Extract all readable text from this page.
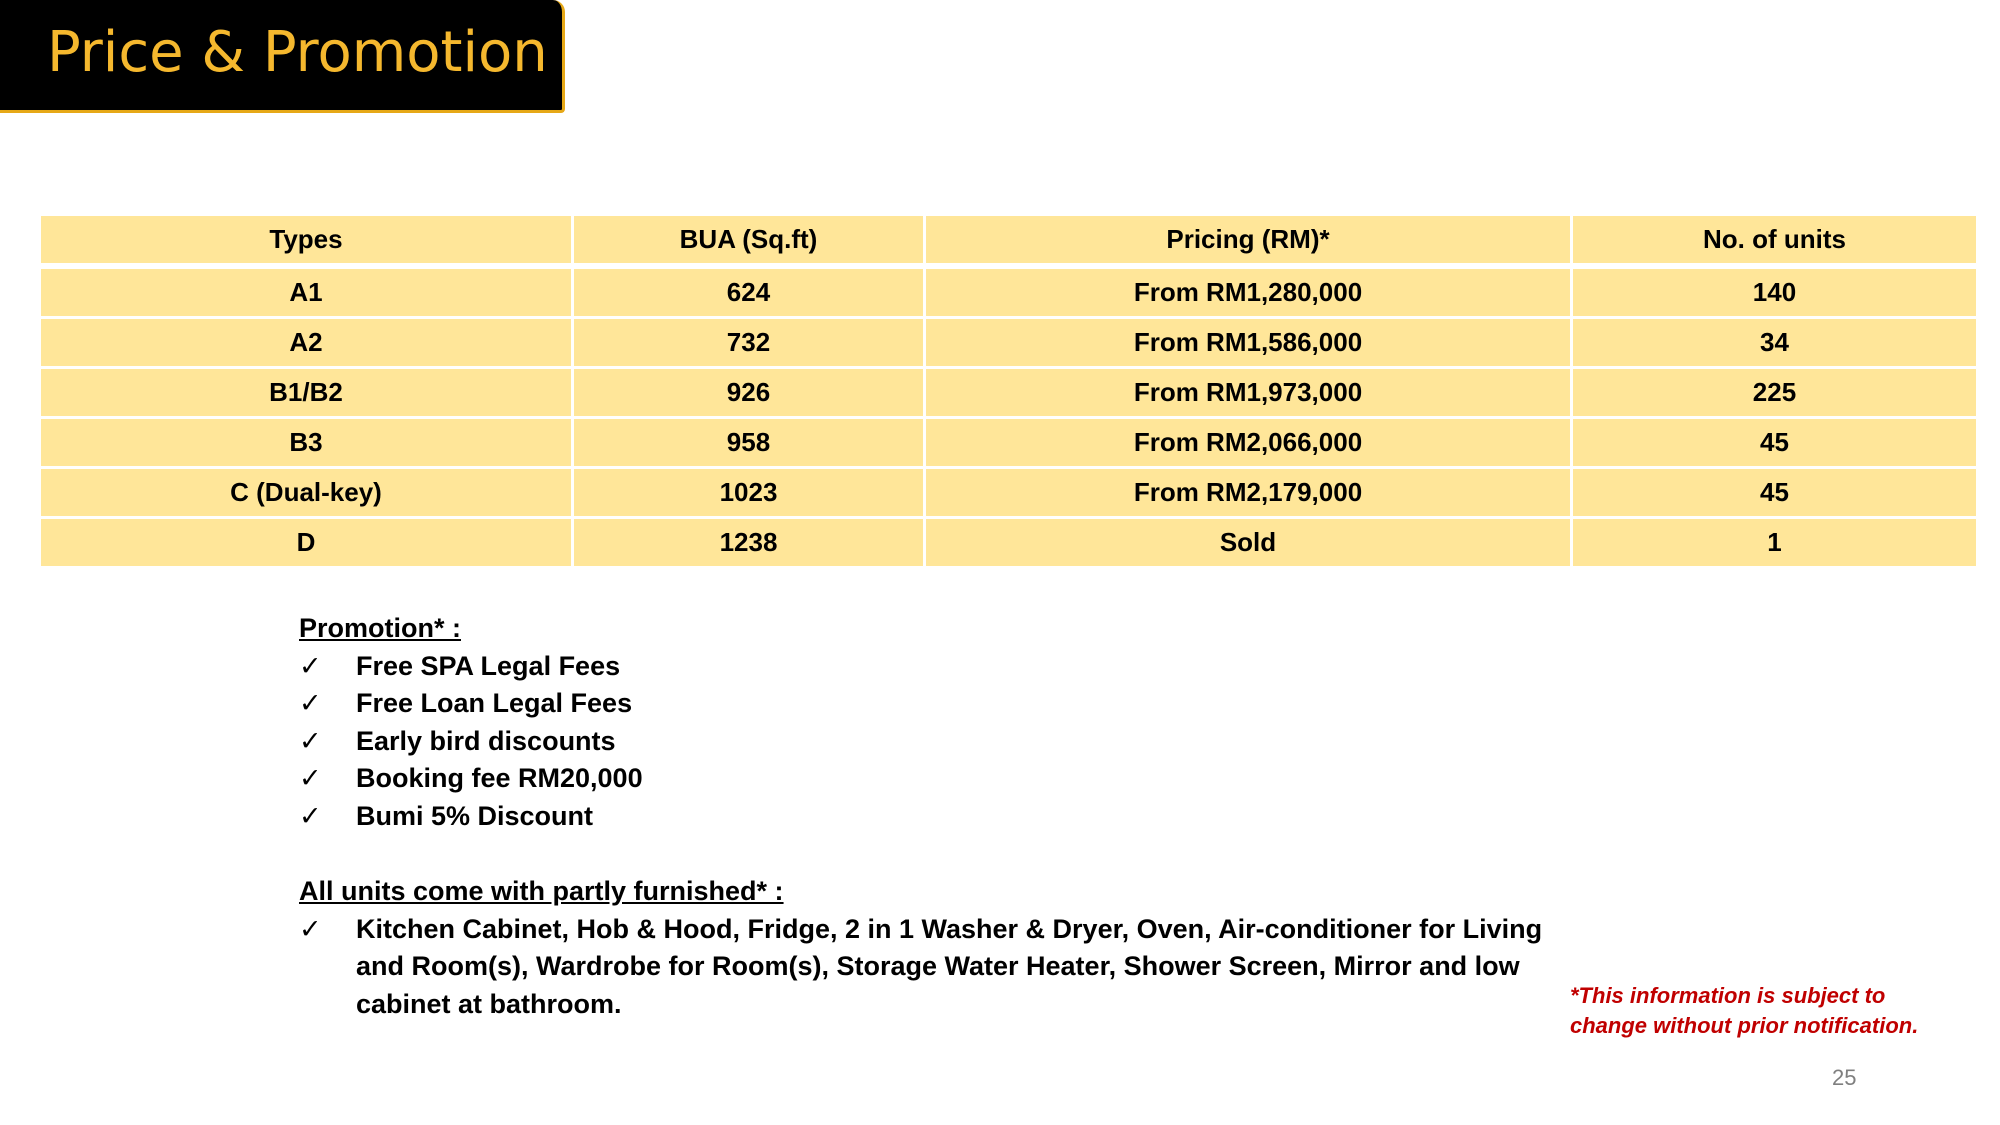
Price & Promotion
Types	BUA (Sq.ft)	Pricing (RM)*	No. of units
A1	624	From RM1,280,000	140
A2	732	From RM1,586,000	34
B1/B2	926	From RM1,973,000	225
B3	958	From RM2,066,000	45
C (Dual-key)	1023	From RM2,179,000	45
D	1238	Sold	1
Promotion* :
✓ Free SPA Legal Fees
✓ Free Loan Legal Fees
✓ Early bird discounts
✓ Booking fee RM20,000
✓ Bumi 5% Discount
All units come with partly furnished* :
✓ Kitchen Cabinet, Hob & Hood, Fridge, 2 in 1 Washer & Dryer, Oven, Air-conditioner for Living and Room(s), Wardrobe for Room(s), Storage Water Heater, Shower Screen, Mirror and low cabinet at bathroom.	*This information is subject to
change without prior notification.
25
